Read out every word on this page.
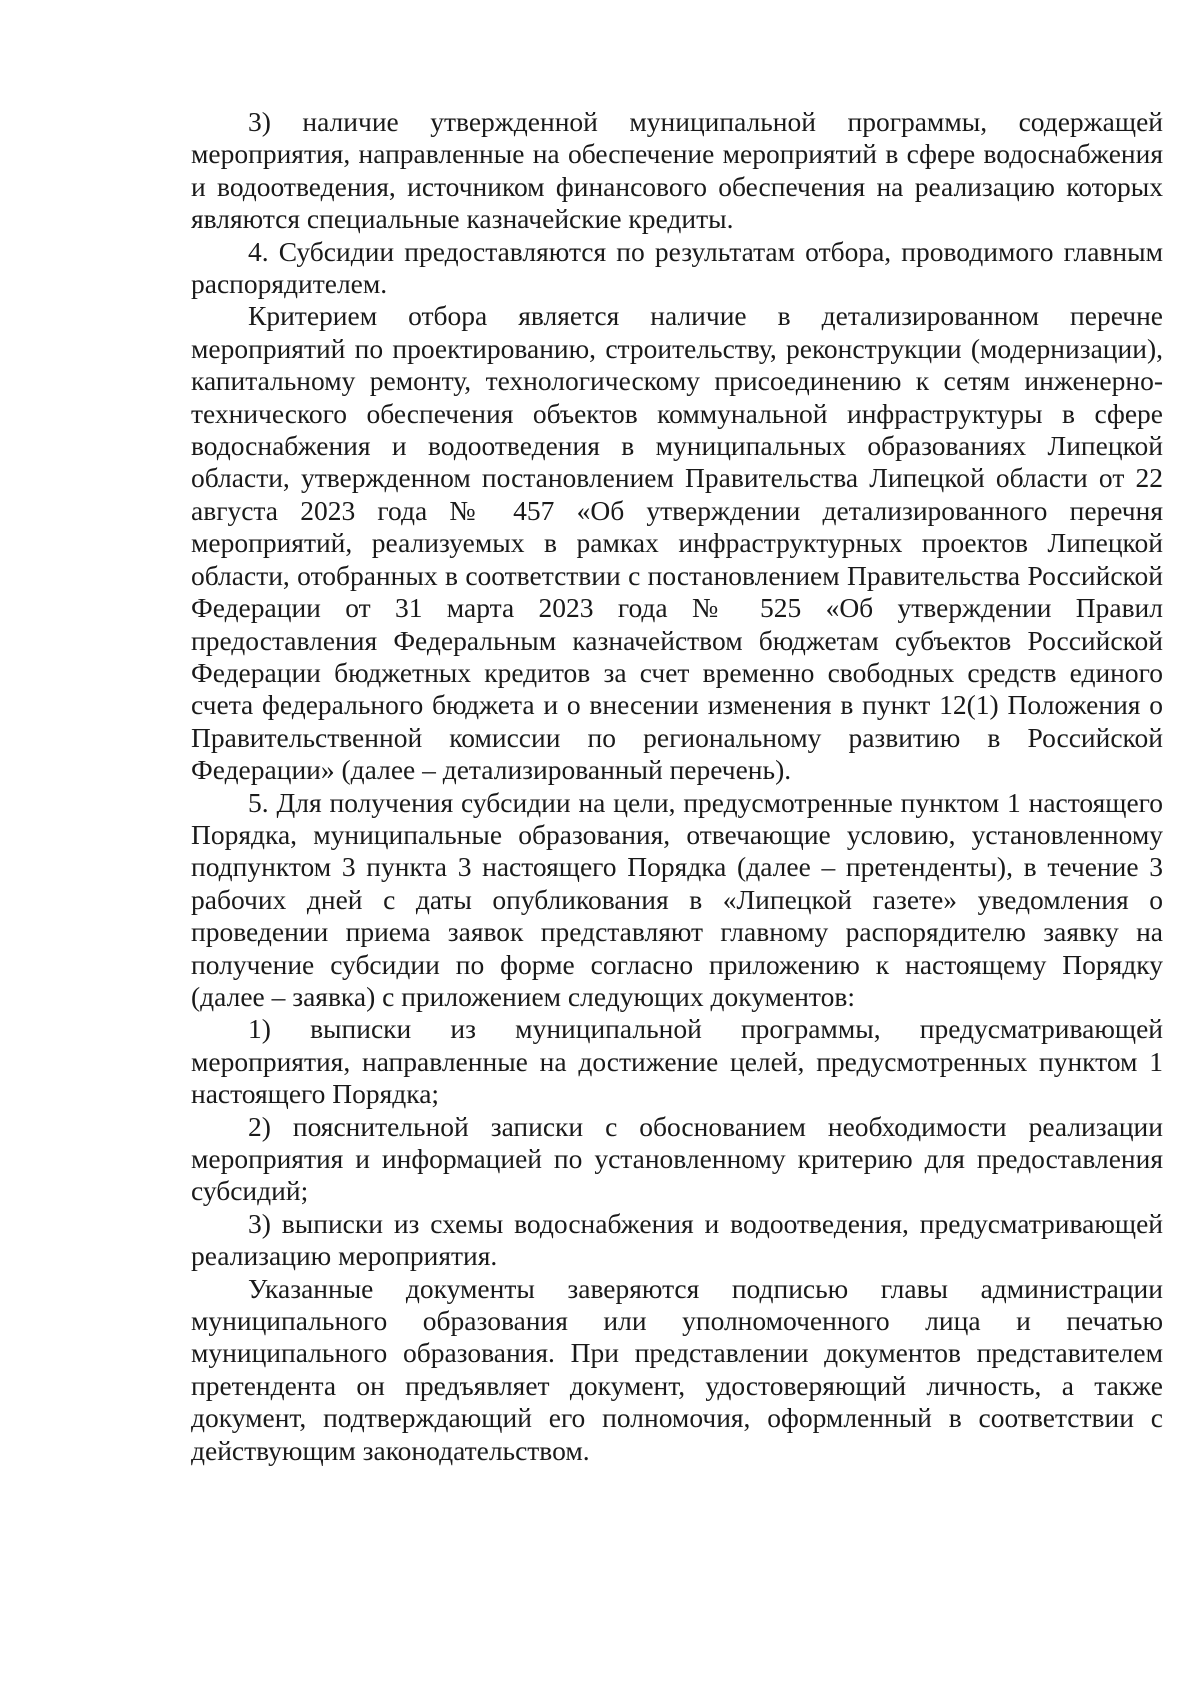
3) наличие утвержденной муниципальной программы, содержащей мероприятия, направленные на обеспечение мероприятий в сфере водоснабжения и водоотведения, источником финансового обеспечения на реализацию которых являются специальные казначейские кредиты.

4. Субсидии предоставляются по результатам отбора, проводимого главным распорядителем.

Критерием отбора является наличие в детализированном перечне мероприятий по проектированию, строительству, реконструкции (модернизации), капитальному ремонту, технологическому присоединению к сетям инженерно-технического обеспечения объектов коммунальной инфраструктуры в сфере водоснабжения и водоотведения в муниципальных образованиях Липецкой области, утвержденном постановлением Правительства Липецкой области от 22 августа 2023 года № 457 «Об утверждении детализированного перечня мероприятий, реализуемых в рамках инфраструктурных проектов Липецкой области, отобранных в соответствии с постановлением Правительства Российской Федерации от 31 марта 2023 года № 525 «Об утверждении Правил предоставления Федеральным казначейством бюджетам субъектов Российской Федерации бюджетных кредитов за счет временно свободных средств единого счета федерального бюджета и о внесении изменения в пункт 12(1) Положения о Правительственной комиссии по региональному развитию в Российской Федерации» (далее – детализированный перечень).

5. Для получения субсидии на цели, предусмотренные пунктом 1 настоящего Порядка, муниципальные образования, отвечающие условию, установленному подпунктом 3 пункта 3 настоящего Порядка (далее – претенденты), в течение 3 рабочих дней с даты опубликования в «Липецкой газете» уведомления о проведении приема заявок представляют главному распорядителю заявку на получение субсидии по форме согласно приложению к настоящему Порядку (далее – заявка) с приложением следующих документов:

1) выписки из муниципальной программы, предусматривающей мероприятия, направленные на достижение целей, предусмотренных пунктом 1 настоящего Порядка;

2) пояснительной записки с обоснованием необходимости реализации мероприятия и информацией по установленному критерию для предоставления субсидий;

3) выписки из схемы водоснабжения и водоотведения, предусматривающей реализацию мероприятия.

Указанные документы заверяются подписью главы администрации муниципального образования или уполномоченного лица и печатью муниципального образования. При представлении документов представителем претендента он предъявляет документ, удостоверяющий личность, а также документ, подтверждающий его полномочия, оформленный в соответствии с действующим законодательством.
